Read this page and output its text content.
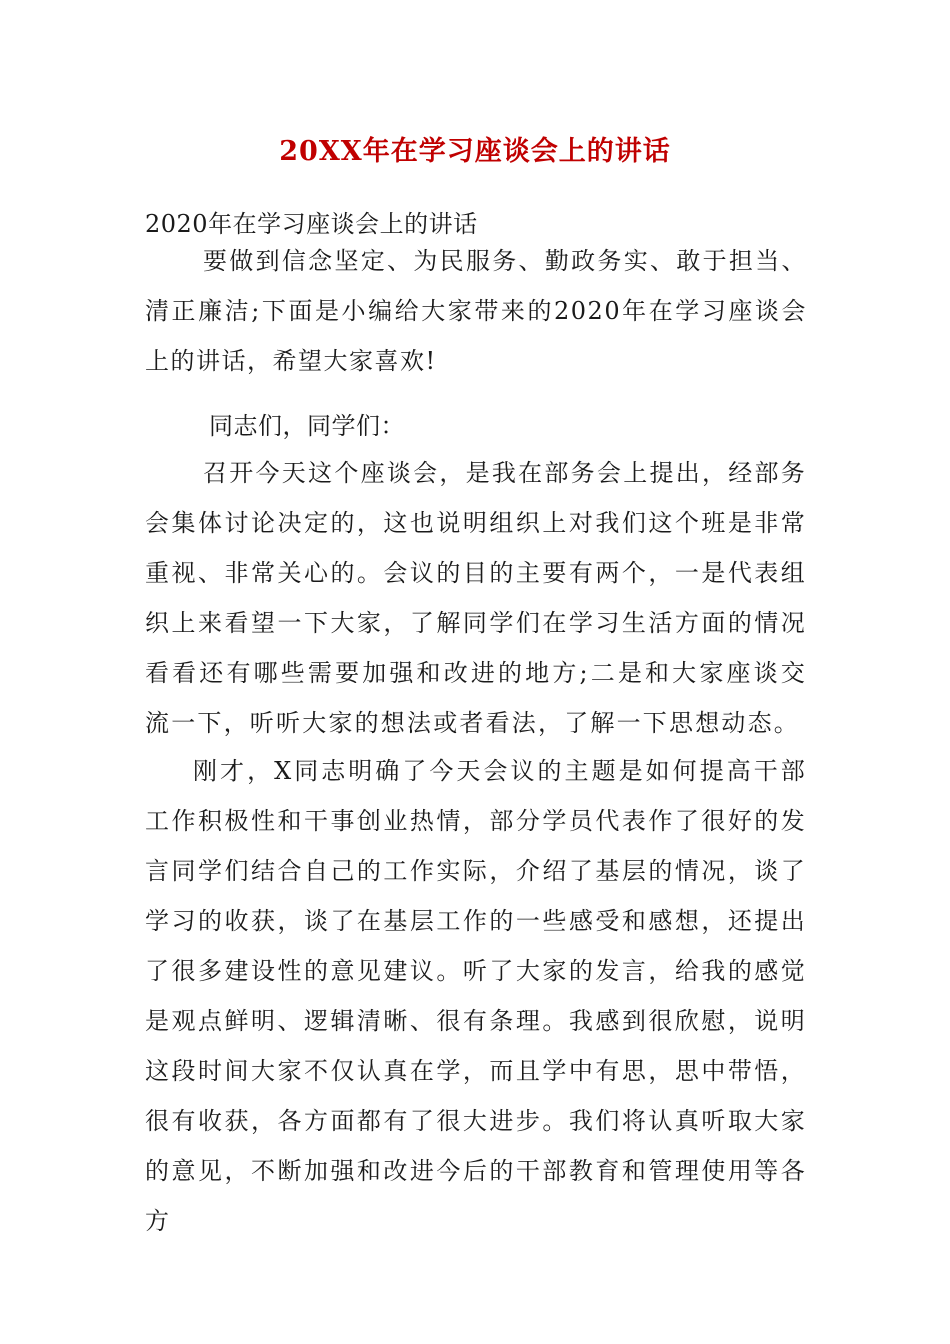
20XX年在学习座谈会上的讲话

2020年在学习座谈会上的讲话

要做到信念坚定、为民服务、勤政务实、敢于担当、清正廉洁;下面是小编给大家带来的2020年在学习座谈会上的讲话，希望大家喜欢!

同志们，同学们：

召开今天这个座谈会，是我在部务会上提出，经部务会集体讨论决定的，这也说明组织上对我们这个班是非常重视、非常关心的。会议的目的主要有两个，一是代表组织上来看望一下大家，了解同学们在学习生活方面的情况看看还有哪些需要加强和改进的地方;二是和大家座谈交流一下，听听大家的想法或者看法，了解一下思想动态。

刚才，X同志明确了今天会议的主题是如何提高干部工作积极性和干事创业热情，部分学员代表作了很好的发言同学们结合自己的工作实际，介绍了基层的情况，谈了学习的收获，谈了在基层工作的一些感受和感想，还提出了很多建设性的意见建议。听了大家的发言，给我的感觉是观点鲜明、逻辑清晰、很有条理。我感到很欣慰，说明这段时间大家不仅认真在学，而且学中有思，思中带悟，很有收获，各方面都有了很大进步。我们将认真听取大家的意见，不断加强和改进今后的干部教育和管理使用等各方
